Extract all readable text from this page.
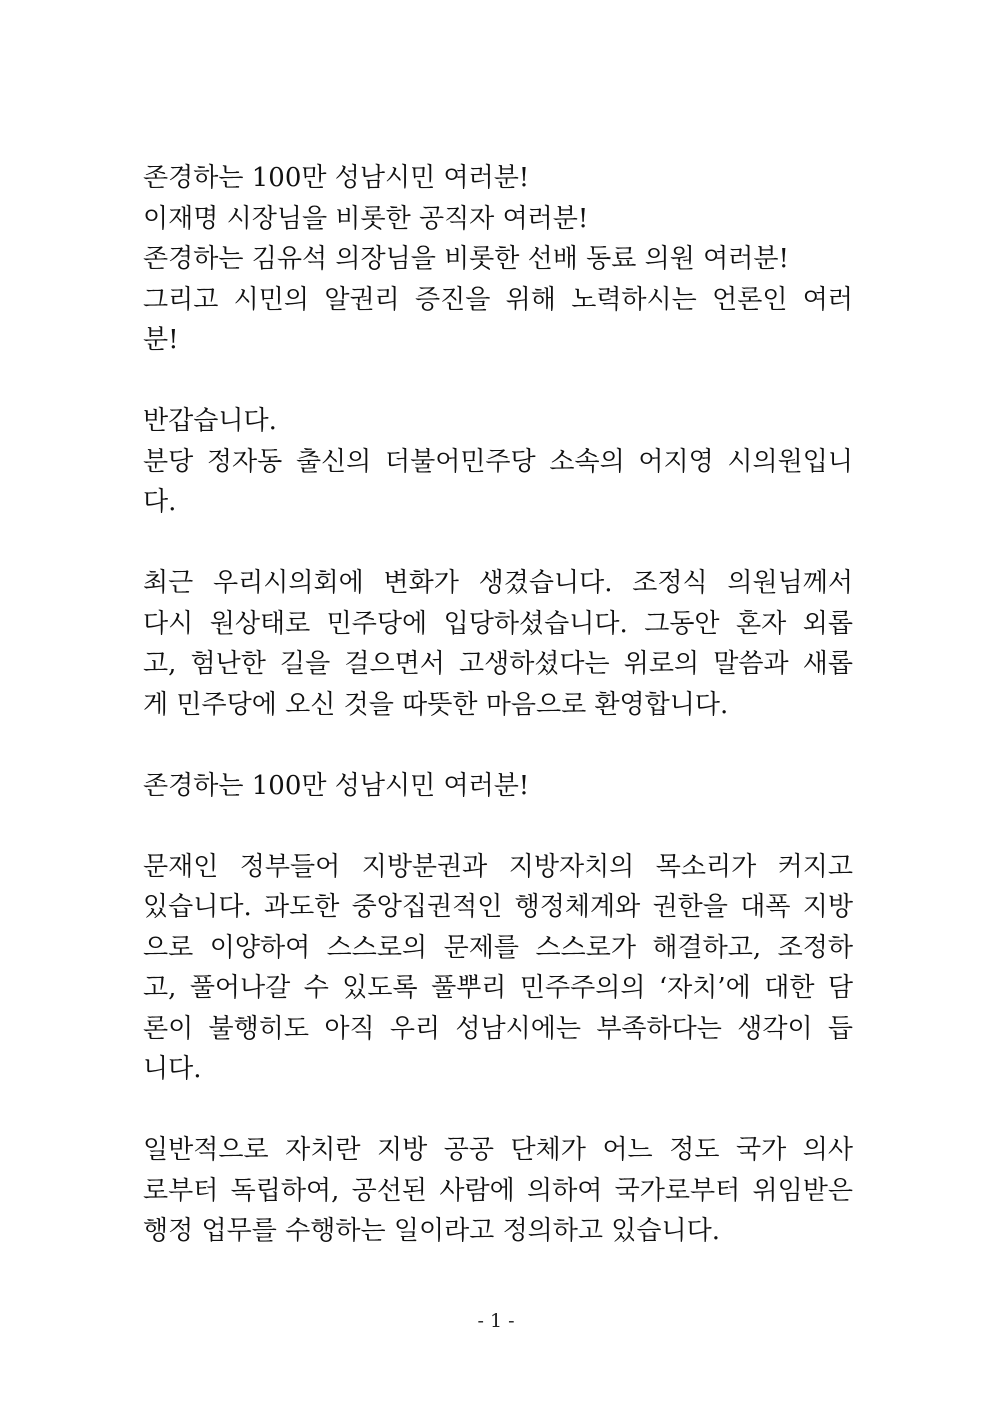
존경하는 100만 성남시민 여러분!
이재명 시장님을 비롯한 공직자 여러분!
존경하는 김유석 의장님을 비롯한 선배 동료 의원 여러분!
그리고 시민의 알권리 증진을 위해 노력하시는 언론인 여러
분!
반갑습니다.
분당 정자동 출신의 더불어민주당 소속의 어지영 시의원입니
다.
최근 우리시의회에 변화가 생겼습니다. 조정식 의원님께서
다시 원상태로 민주당에 입당하셨습니다. 그동안 혼자 외롭
고, 험난한 길을 걸으면서 고생하셨다는 위로의 말씀과 새롭
게 민주당에 오신 것을 따뜻한 마음으로 환영합니다.
존경하는 100만 성남시민 여러분!
문재인 정부들어 지방분권과 지방자치의 목소리가 커지고
있습니다. 과도한 중앙집권적인 행정체계와 권한을 대폭 지방
으로 이양하여 스스로의 문제를 스스로가 해결하고, 조정하
고, 풀어나갈 수 있도록 풀뿌리 민주주의의 ‘자치’에 대한 담
론이 불행히도 아직 우리 성남시에는 부족하다는 생각이 듭
니다.
일반적으로 자치란 지방 공공 단체가 어느 정도 국가 의사
로부터 독립하여, 공선된 사람에 의하여 국가로부터 위임받은
행정 업무를 수행하는 일이라고 정의하고 있습니다.
- 1 -
